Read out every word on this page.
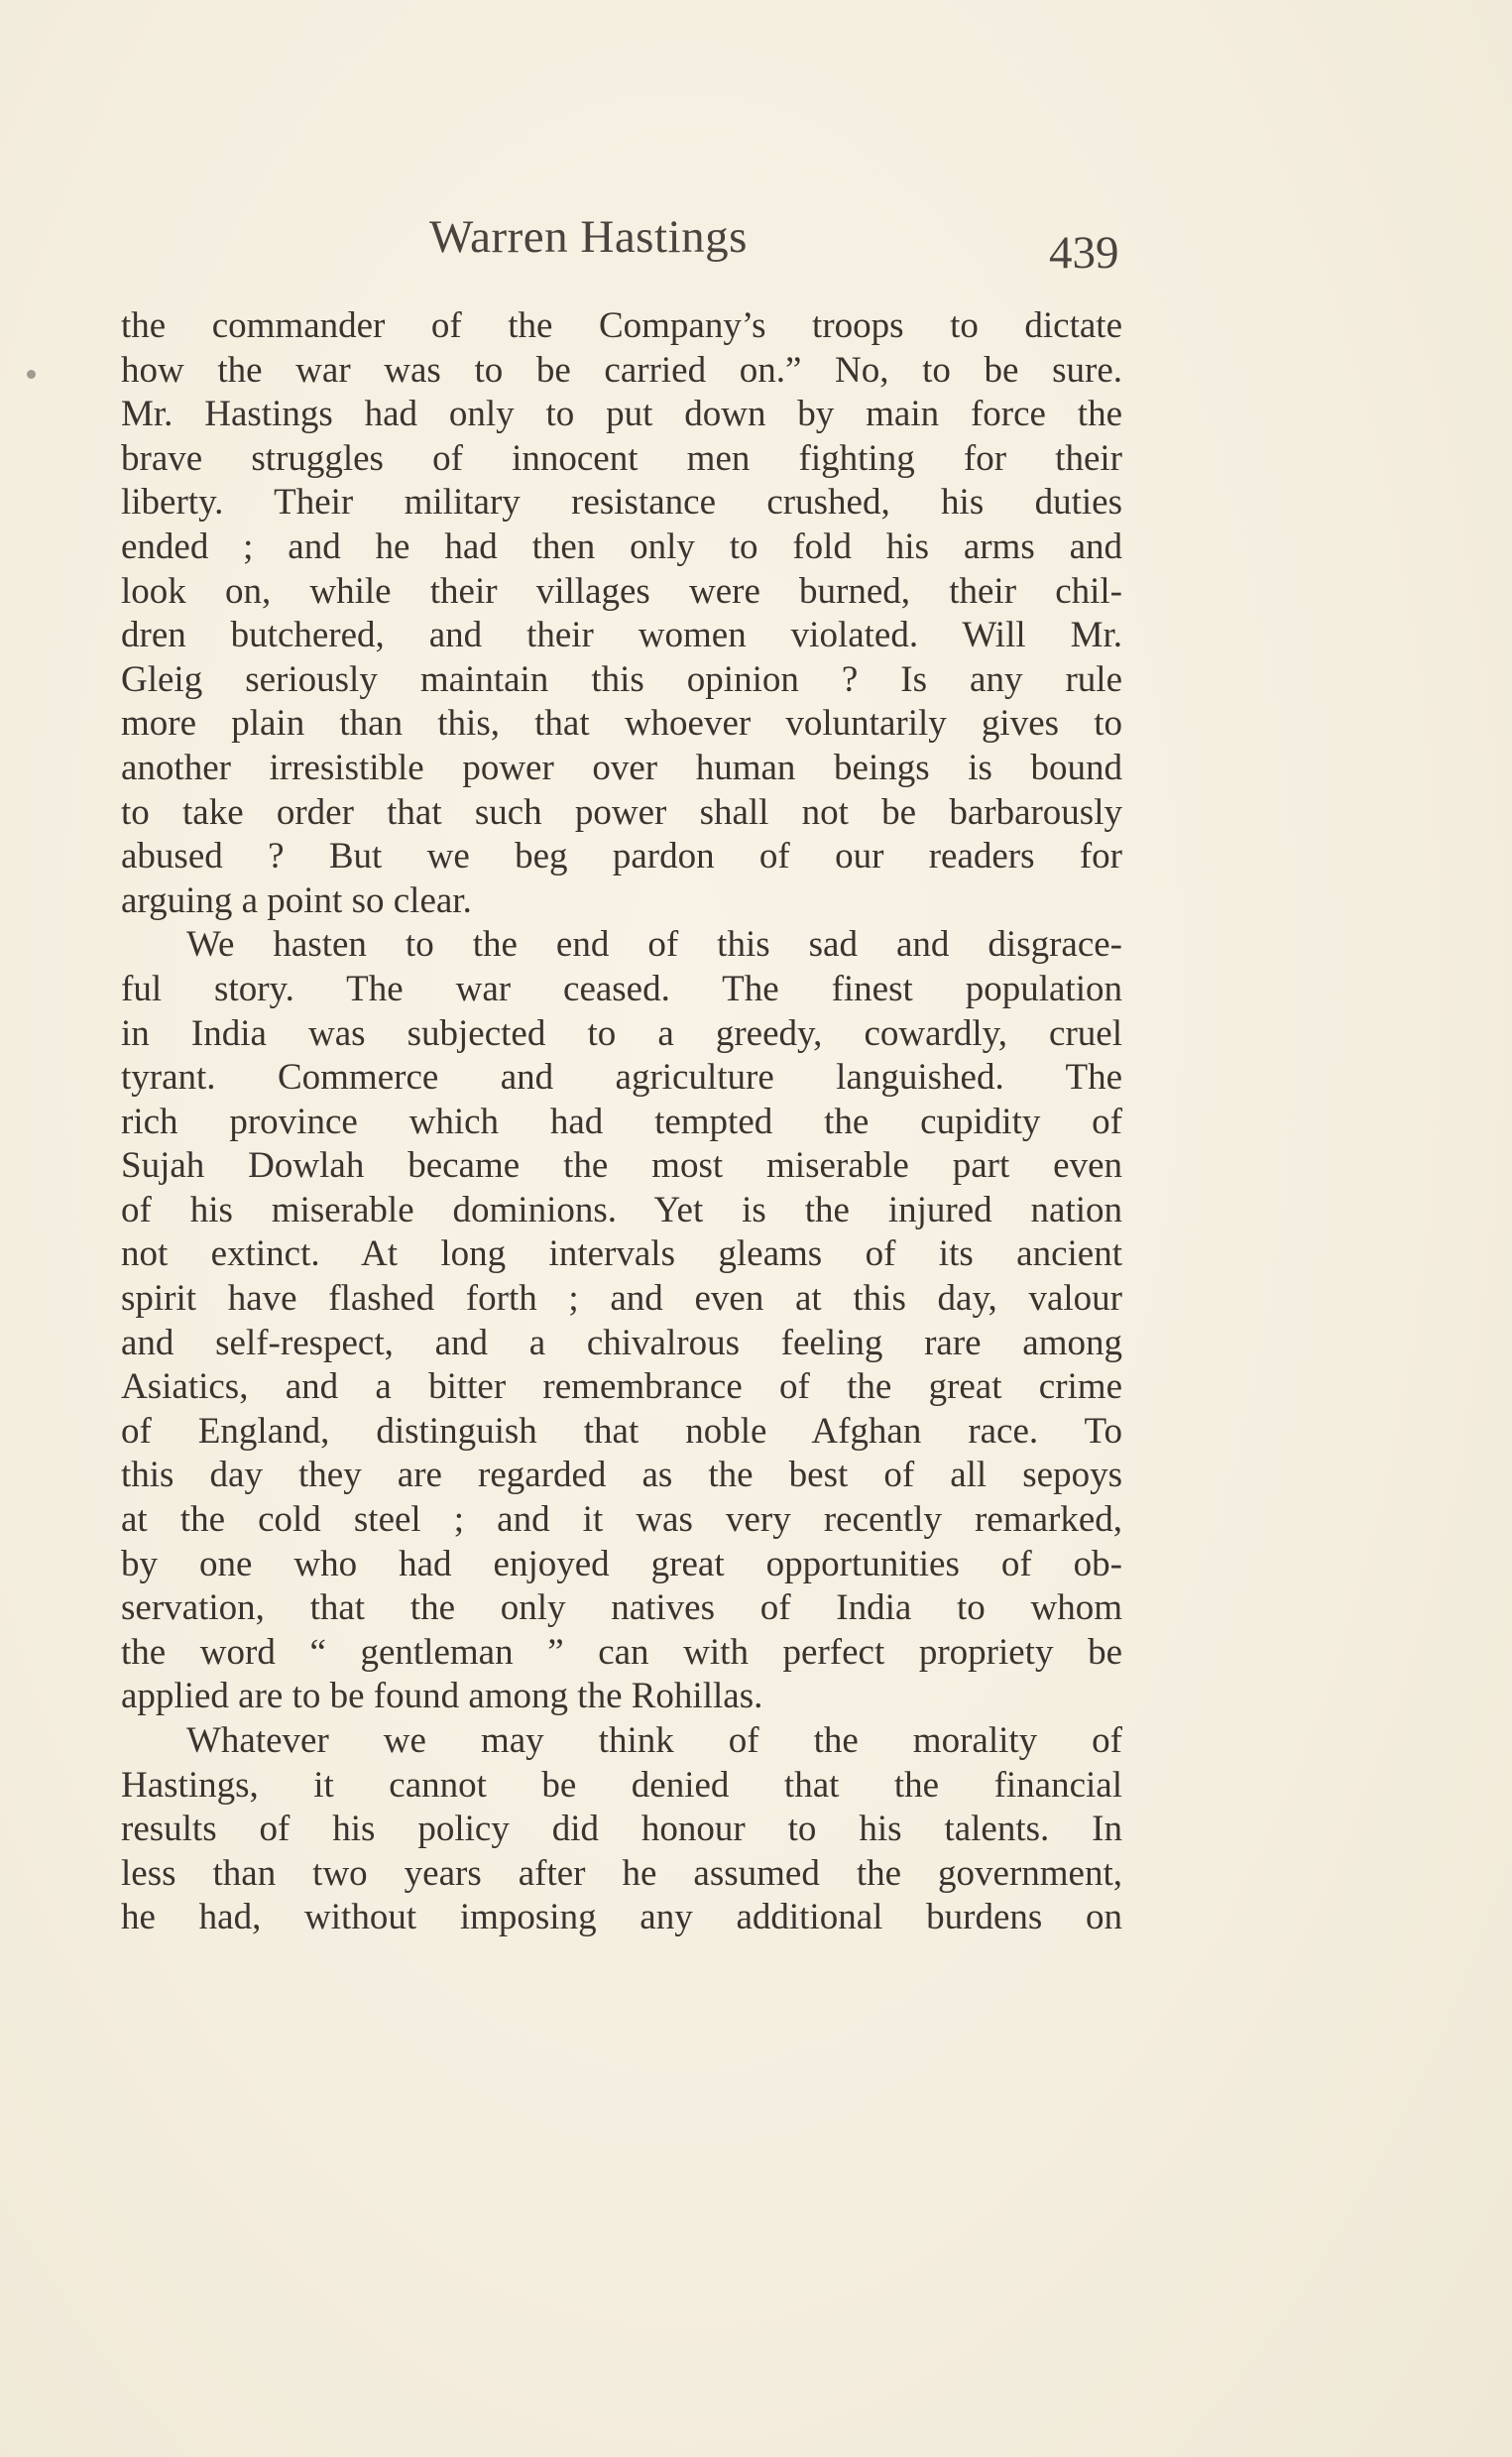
Warren Hastings	439
the commander of the Company’s troops to dictate
how the war was to be carried on.” No, to be sure.
Mr. Hastings had only to put down by main force the
brave struggles of innocent men fighting for their
liberty. Their military resistance crushed, his duties
ended ; and he had then only to fold his arms and
look on, while their villages were burned, their chil-
dren butchered, and their women violated. Will Mr.
Gleig seriously maintain this opinion ? Is any rule
more plain than this, that whoever voluntarily gives to
another irresistible power over human beings is bound
to take order that such power shall not be barbarously
abused ? But we beg pardon of our readers for
arguing a point so clear.
We hasten to the end of this sad and disgrace-
ful story. The war ceased. The finest population
in India was subjected to a greedy, cowardly, cruel
tyrant. Commerce and agriculture languished. The
rich province which had tempted the cupidity of
Sujah Dowlah became the most miserable part even
of his miserable dominions. Yet is the injured nation
not extinct. At long intervals gleams of its ancient
spirit have flashed forth ; and even at this day, valour
and self-respect, and a chivalrous feeling rare among
Asiatics, and a bitter remembrance of the great crime
of England, distinguish that noble Afghan race. To
this day they are regarded as the best of all sepoys
at the cold steel ; and it was very recently remarked,
by one who had enjoyed great opportunities of ob-
servation, that the only natives of India to whom
the word “ gentleman ” can with perfect propriety be
applied are to be found among the Rohillas.
Whatever we may think of the morality of
Hastings, it cannot be denied that the financial
results of his policy did honour to his talents. In
less than two years after he assumed the government,
he had, without imposing any additional burdens on
